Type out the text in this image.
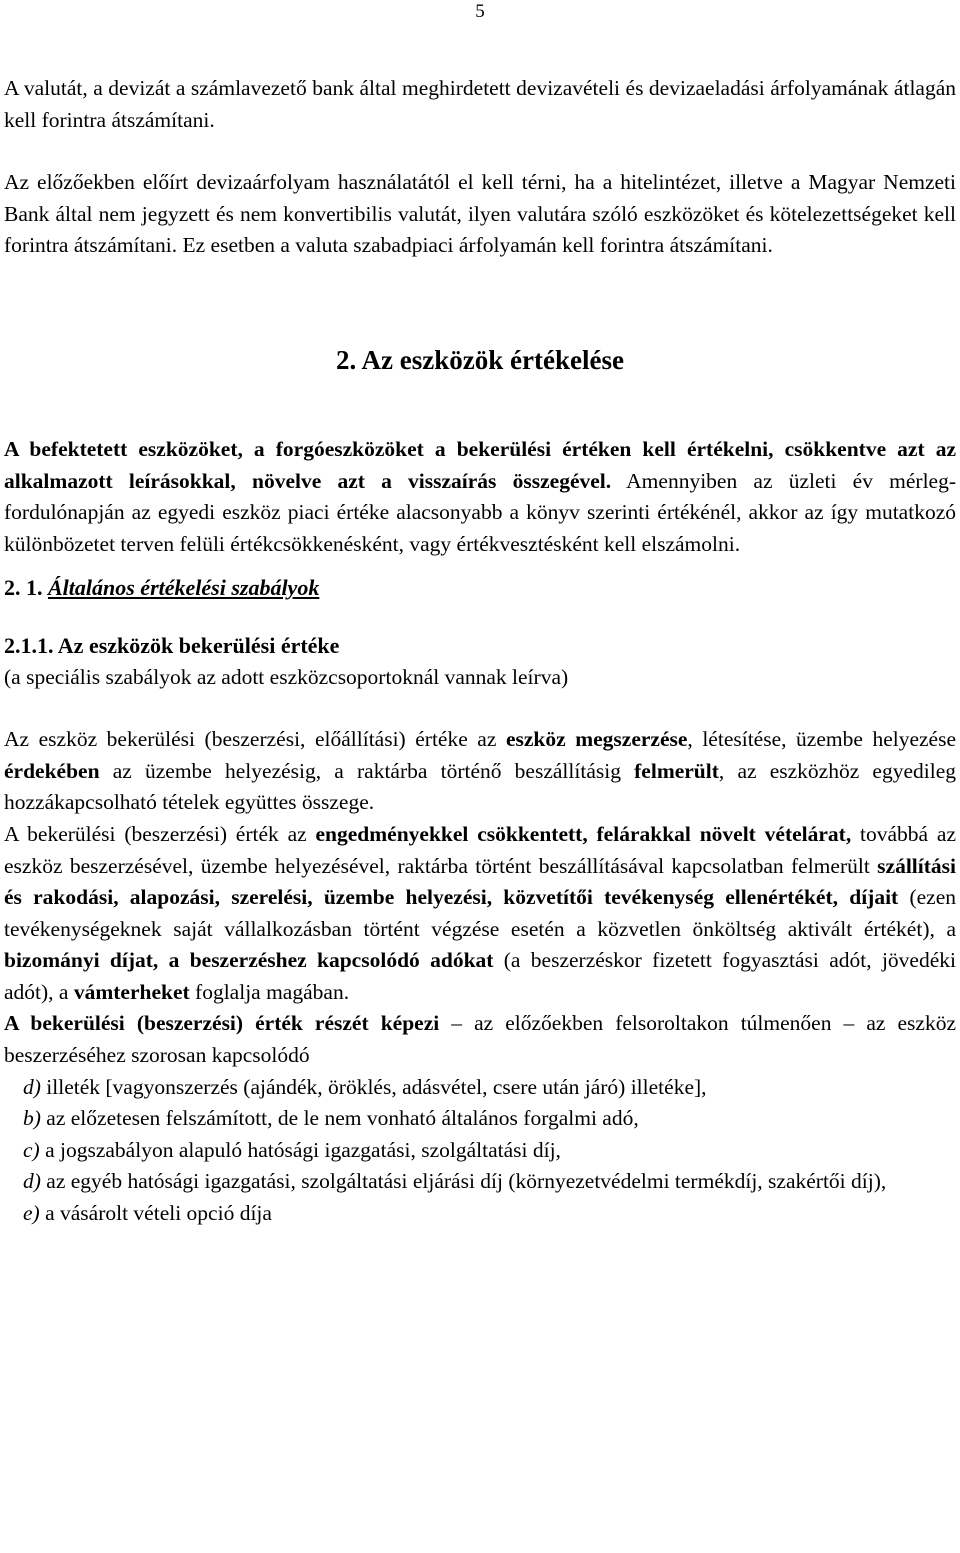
5

A valutát, a devizát a számlavezető bank által meghirdetett devizavételi és devizaeladási árfolyamának átlagán kell forintra átszámítani.

Az előzőekben előírt devizaárfolyam használatától el kell térni, ha a hitelintézet, illetve a Magyar Nemzeti Bank által nem jegyzett és nem konvertibilis valutát, ilyen valutára szóló eszközöket és kötelezettségeket kell forintra átszámítani. Ez esetben a valuta szabadpiaci árfolyamán kell forintra átszámítani.

2. Az eszközök értékelése

A befektetett eszközöket, a forgóeszközöket a bekerülési értéken kell értékelni, csökkentve azt az alkalmazott leírásokkal, növelve azt a visszaírás összegével. Amennyiben az üzleti év mérleg-fordulónapján az egyedi eszköz piaci értéke alacsonyabb a könyv szerinti értékénél, akkor az így mutatkozó különbözetet terven felüli értékcsökkenésként, vagy értékvesztésként kell elszámolni.

2. 1. Általános értékelési szabályok

2.1.1. Az eszközök bekerülési értéke

(a speciális szabályok az adott eszközcsoportoknál vannak leírva)

Az eszköz bekerülési (beszerzési, előállítási) értéke az eszköz megszerzése, létesítése, üzembe helyezése érdekében az üzembe helyezésig, a raktárba történő beszállításig felmerült, az eszközhöz egyedileg hozzákapcsolható tételek együttes összege.

A bekerülési (beszerzési) érték az engedményekkel csökkentett, felárakkal növelt vételárat, továbbá az eszköz beszerzésével, üzembe helyezésével, raktárba történt beszállításával kapcsolatban felmerült szállítási és rakodási, alapozási, szerelési, üzembe helyezési, közvetítői tevékenység ellenértékét, díjait (ezen tevékenységeknek saját vállalkozásban történt végzése esetén a közvetlen önköltség aktivált értékét), a bizományi díjat, a beszerzéshez kapcsolódó adókat (a beszerzéskor fizetett fogyasztási adót, jövedéki adót), a vámterheket foglalja magában.

A bekerülési (beszerzési) érték részét képezi – az előzőekben felsoroltakon túlmenően – az eszköz beszerzéséhez szorosan kapcsolódó

d) illeték [vagyonszerzés (ajándék, öröklés, adásvétel, csere után járó) illetéke],
b) az előzetesen felszámított, de le nem vonható általános forgalmi adó,
c) a jogszabályon alapuló hatósági igazgatási, szolgáltatási díj,
d) az egyéb hatósági igazgatási, szolgáltatási eljárási díj (környezetvédelmi termékdíj, szakértői díj),
e) a vásárolt vételi opció díja
